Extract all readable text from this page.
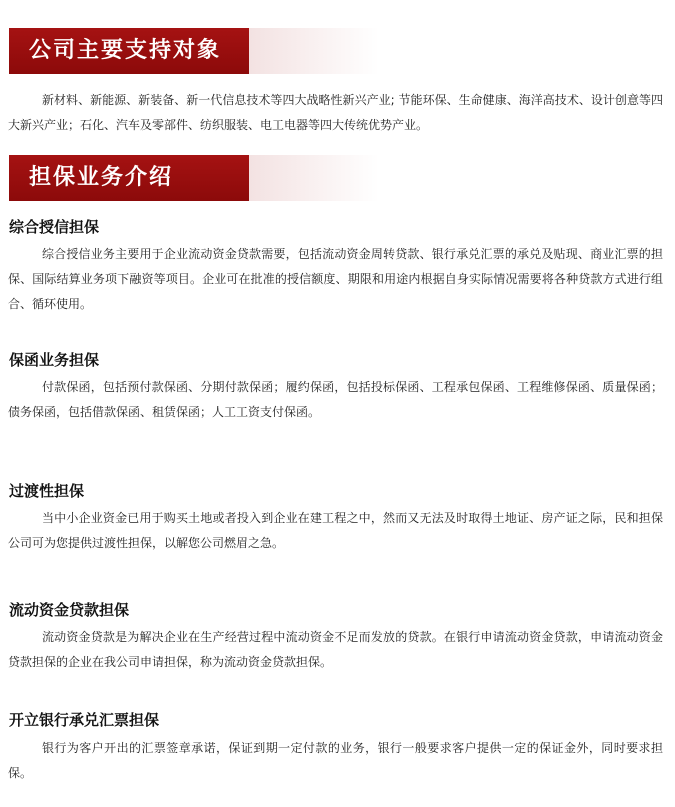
公司主要支持对象

新材料、新能源、新装备、新一代信息技术等四大战略性新兴产业; 节能环保、生命健康、海洋高技术、设计创意等四大新兴产业；石化、汽车及零部件、纺织服装、电工电器等四大传统优势产业。

担保业务介绍
综合授信担保

综合授信业务主要用于企业流动资金贷款需要，包括流动资金周转贷款、银行承兑汇票的承兑及贴现、商业汇票的担保、国际结算业务项下融资等项目。企业可在批准的授信额度、期限和用途内根据自身实际情况需要将各种贷款方式进行组合、循环使用。

保函业务担保

付款保函，包括预付款保函、分期付款保函；履约保函，包括投标保函、工程承包保函、工程维修保函、质量保函；债务保函，包括借款保函、租赁保函；人工工资支付保函。

过渡性担保

当中小企业资金已用于购买土地或者投入到企业在建工程之中，然而又无法及时取得土地证、房产证之际，民和担保公司可为您提供过渡性担保，以解您公司燃眉之急。

流动资金贷款担保

流动资金贷款是为解决企业在生产经营过程中流动资金不足而发放的贷款。在银行申请流动资金贷款，申请流动资金贷款担保的企业在我公司申请担保，称为流动资金贷款担保。

开立银行承兑汇票担保

银行为客户开出的汇票签章承诺，保证到期一定付款的业务，银行一般要求客户提供一定的保证金外，同时要求担保。
